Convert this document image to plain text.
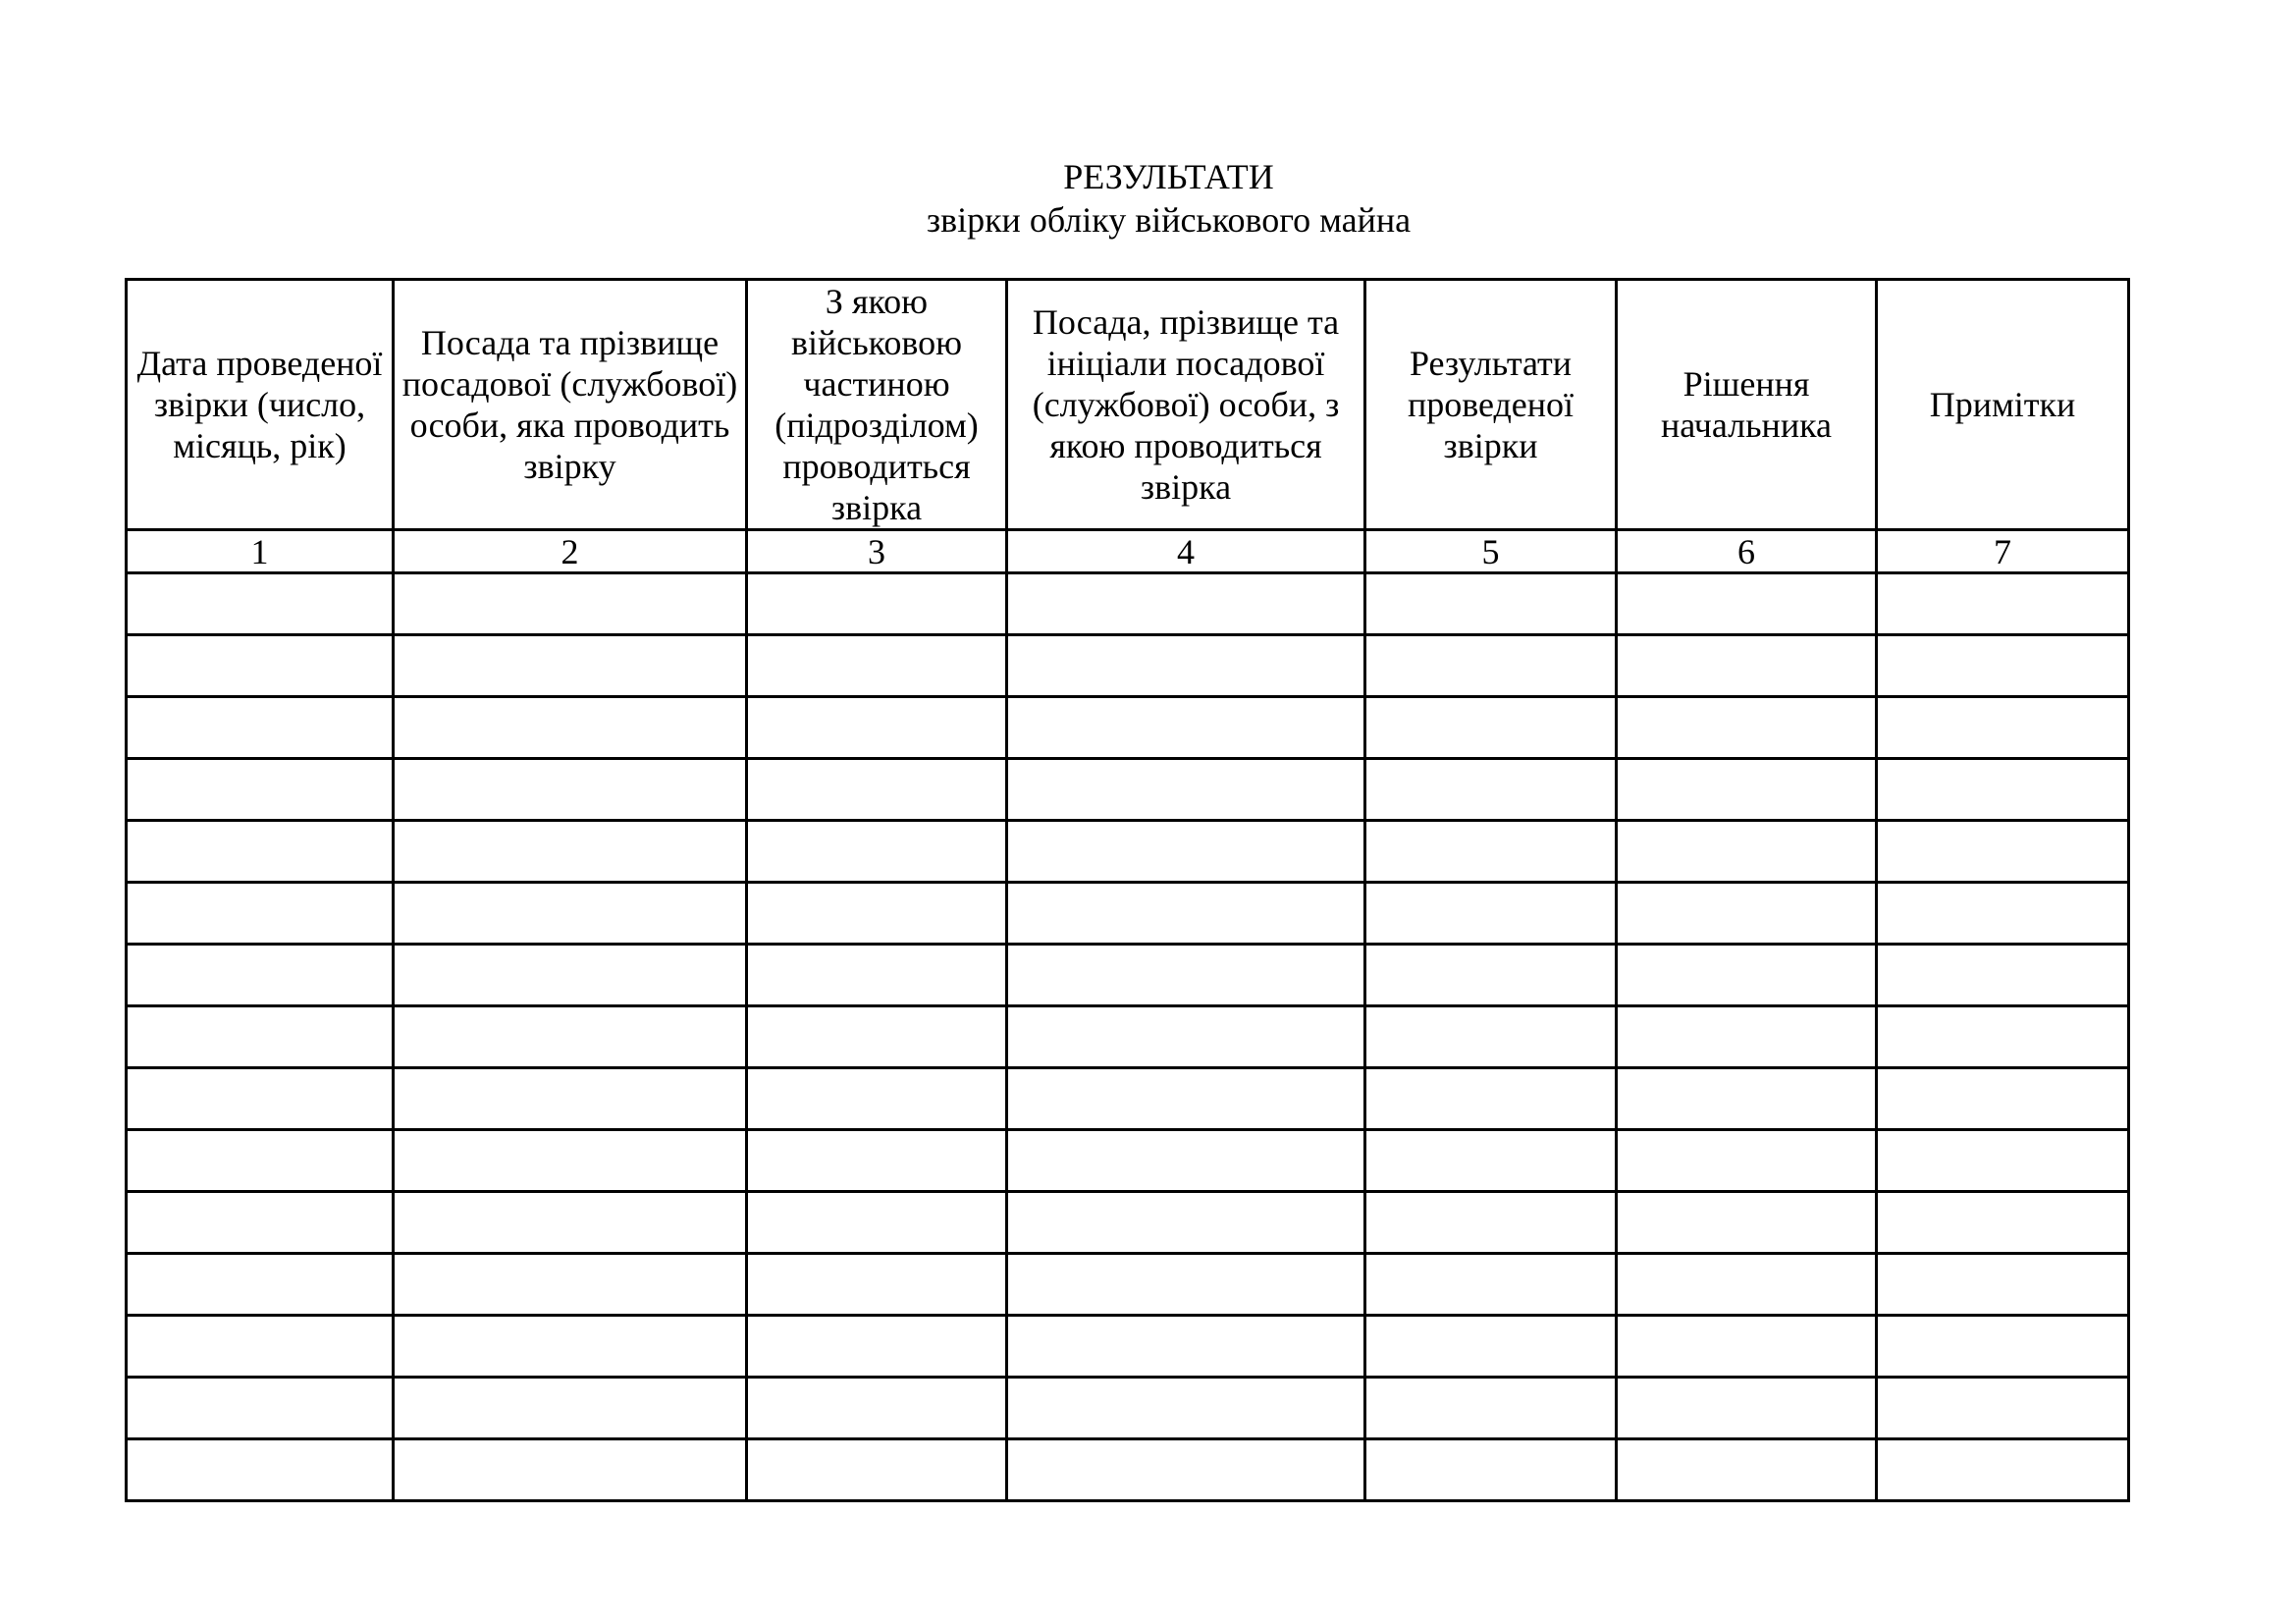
РЕЗУЛЬТАТИ
звірки обліку військового майна
Дата проведеної звірки (число, місяць, рік)	Посада та прізвище посадової (службової) особи, яка проводить звірку	З якою військовою частиною (підрозділом) проводиться звірка	Посада, прізвище та ініціали посадової (службової) особи, з якою проводиться звірка	Результати проведеної звірки	Рішення начальника	Примітки
1	2	3	4	5	6	7
